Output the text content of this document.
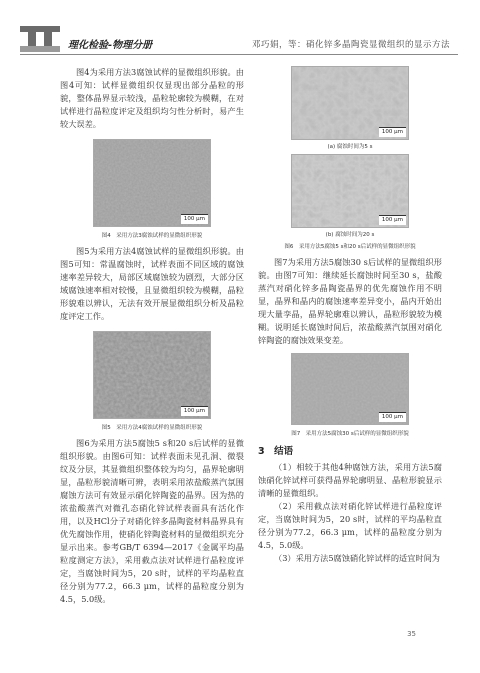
理化检验-物理分册	邓巧娟，等：硝化锌多晶陶瓷显微组织的显示方法

图4为采用方法3腐蚀试样的显微组织形貌。由图4可知：试样显微组织仅显现出部分晶粒的形貌，整体晶界显示较浅，晶粒轮廓较为模糊，在对试样进行晶粒度评定及组织均匀性分析时，易产生较大误差。

100 μm
图4　采用方法3腐蚀试样的显微组织形貌

图5为采用方法4腐蚀试样的显微组织形貌。由图5可知：常温腐蚀时，试样表面不同区域的腐蚀速率差异较大，局部区域腐蚀较为剧烈，大部分区域腐蚀速率相对较慢，且显微组织较为模糊，晶粒形貌难以辨认，无法有效开展显微组织分析及晶粒度评定工作。

100 μm
图5　采用方法4腐蚀试样的显微组织形貌

图6为采用方法5腐蚀5 s和20 s后试样的显微组织形貌。由图6可知：试样表面未见孔洞、微裂纹及分层，其显微组织整体较为均匀，晶界轮廓明显，晶粒形貌清晰可辨，表明采用浓盐酸蒸汽氛围腐蚀方法可有效显示硝化锌陶瓷的晶界。因为热的浓盐酸蒸汽对微孔态硝化锌试样表面具有活化作用，以及HCl分子对硝化锌多晶陶瓷材料晶界具有优先腐蚀作用，使硝化锌陶瓷材料的显微组织充分显示出来。参考GB/T 6394—2017《金属平均晶粒度测定方法》，采用截点法对试样进行晶粒度评定，当腐蚀时间为5，20 s时，试样的平均晶粒直径分别为77.2，66.3 μm，试样的晶粒度分别为4.5，5.0级。

100 μm
(a) 腐蚀时间为5 s
100 μm
(b) 腐蚀时间为20 s
图6　采用方法5腐蚀5 s和20 s后试样的显微组织形貌

图7为采用方法5腐蚀30 s后试样的显微组织形貌。由图7可知：继续延长腐蚀时间至30 s，盐酸蒸汽对硝化锌多晶陶瓷晶界的优先腐蚀作用不明显，晶界和晶内的腐蚀速率差异变小，晶内开始出现大量孪晶，晶界轮廓难以辨认，晶粒形貌较为模糊。说明延长腐蚀时间后，浓盐酸蒸汽氛围对硝化锌陶瓷的腐蚀效果变差。

100 μm
图7　采用方法5腐蚀30 s后试样的显微组织形貌
3　结语

（1）相较于其他4种腐蚀方法，采用方法5腐蚀硝化锌试样可获得晶界轮廓明显、晶粒形貌显示清晰的显微组织。

（2）采用截点法对硝化锌试样进行晶粒度评定，当腐蚀时间为5，20 s时，试样的平均晶粒直径分别为77.2，66.3 μm，试样的晶粒度分别为4.5，5.0级。

（3）采用方法5腐蚀硝化锌试样的适宜时间为

35
